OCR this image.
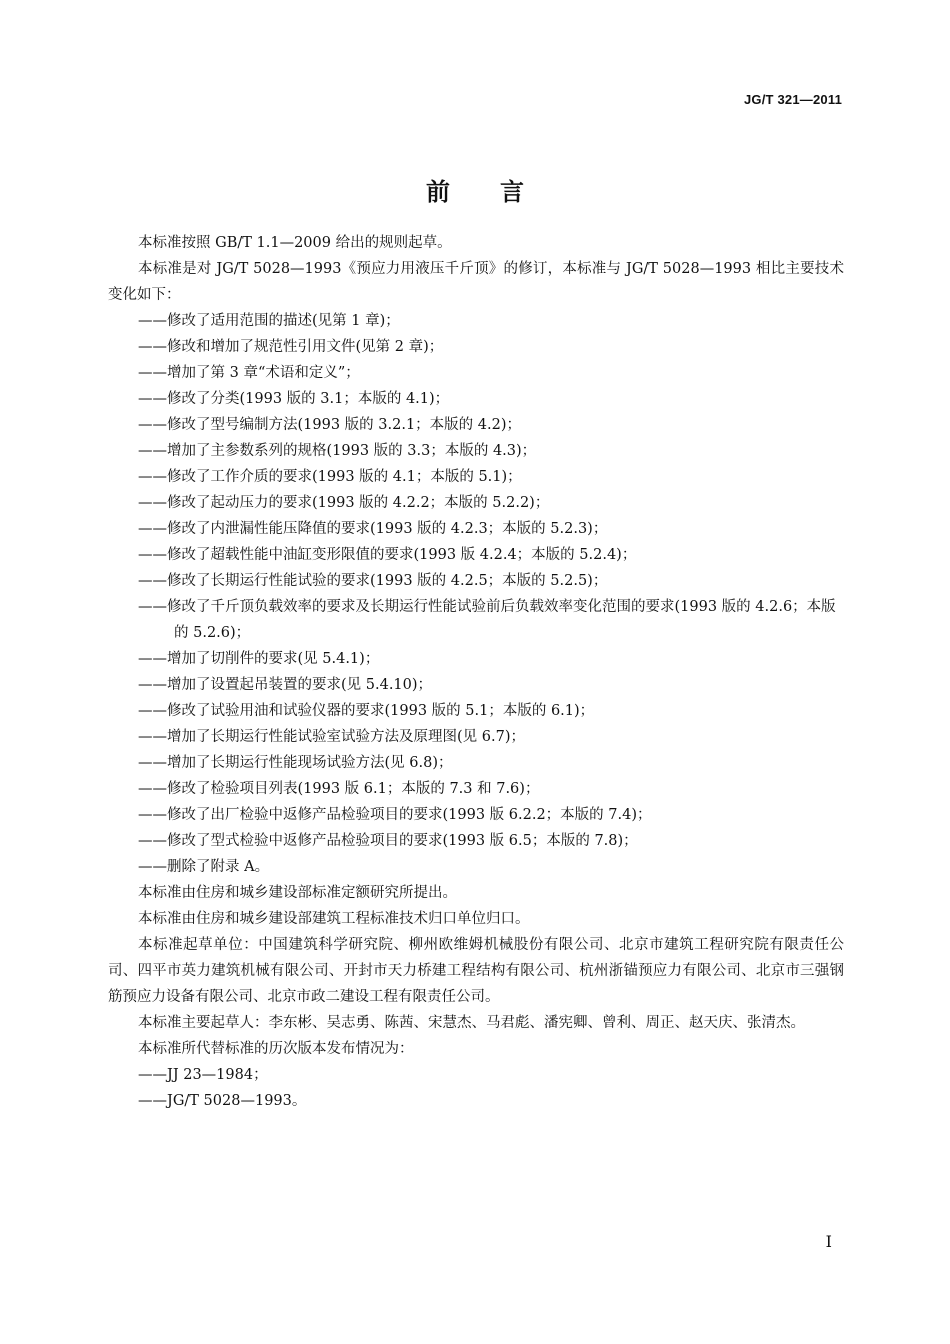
JG/T 321—2011
前言

本标准按照 GB/T 1.1—2009 给出的规则起草。

本标准是对 JG/T 5028—1993《预应力用液压千斤顶》的修订，本标准与 JG/T 5028—1993 相比主要技术变化如下：

——修改了适用范围的描述(见第 1 章)；

——修改和增加了规范性引用文件(见第 2 章)；

——增加了第 3 章“术语和定义”；

——修改了分类(1993 版的 3.1；本版的 4.1)；

——修改了型号编制方法(1993 版的 3.2.1；本版的 4.2)；

——增加了主参数系列的规格(1993 版的 3.3；本版的 4.3)；

——修改了工作介质的要求(1993 版的 4.1；本版的 5.1)；

——修改了起动压力的要求(1993 版的 4.2.2；本版的 5.2.2)；

——修改了内泄漏性能压降值的要求(1993 版的 4.2.3；本版的 5.2.3)；

——修改了超载性能中油缸变形限值的要求(1993 版 4.2.4；本版的 5.2.4)；

——修改了长期运行性能试验的要求(1993 版的 4.2.5；本版的 5.2.5)；

——修改了千斤顶负载效率的要求及长期运行性能试验前后负载效率变化范围的要求(1993 版的 4.2.6；本版的 5.2.6)；

——增加了切削件的要求(见 5.4.1)；

——增加了设置起吊装置的要求(见 5.4.10)；

——修改了试验用油和试验仪器的要求(1993 版的 5.1；本版的 6.1)；

——增加了长期运行性能试验室试验方法及原理图(见 6.7)；

——增加了长期运行性能现场试验方法(见 6.8)；

——修改了检验项目列表(1993 版 6.1；本版的 7.3 和 7.6)；

——修改了出厂检验中返修产品检验项目的要求(1993 版 6.2.2；本版的 7.4)；

——修改了型式检验中返修产品检验项目的要求(1993 版 6.5；本版的 7.8)；

——删除了附录 A。

本标准由住房和城乡建设部标准定额研究所提出。

本标准由住房和城乡建设部建筑工程标准技术归口单位归口。

本标准起草单位：中国建筑科学研究院、柳州欧维姆机械股份有限公司、北京市建筑工程研究院有限责任公司、四平市英力建筑机械有限公司、开封市天力桥建工程结构有限公司、杭州浙锚预应力有限公司、北京市三强钢筋预应力设备有限公司、北京市政二建设工程有限责任公司。

本标准主要起草人：李东彬、吴志勇、陈茜、宋慧杰、马君彪、潘宪卿、曾利、周正、赵天庆、张清杰。

本标准所代替标准的历次版本发布情况为：

——JJ 23—1984；

——JG/T 5028—1993。

I
